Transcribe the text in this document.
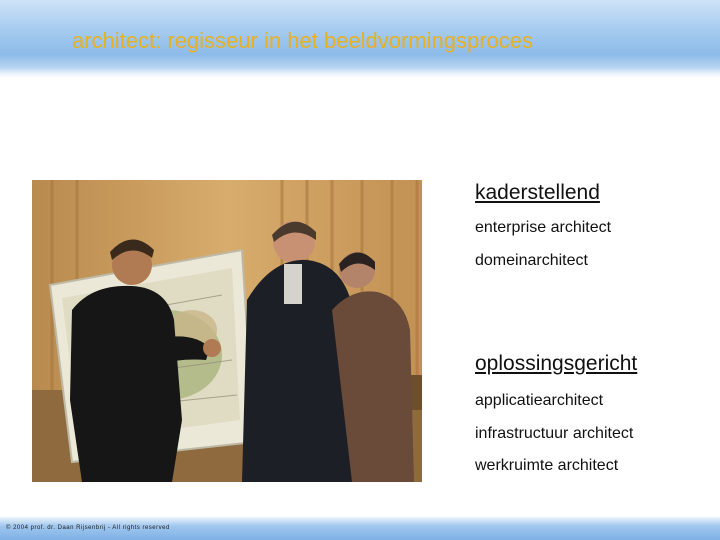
architect: regisseur in het beeldvormingsproces
kaderstellend
enterprise architect
domeinarchitect
oplossingsgericht
applicatiearchitect
infrastructuur architect
werkruimte architect
© 2004 prof. dr. Daan Rijsenbrij - All rights reserved
